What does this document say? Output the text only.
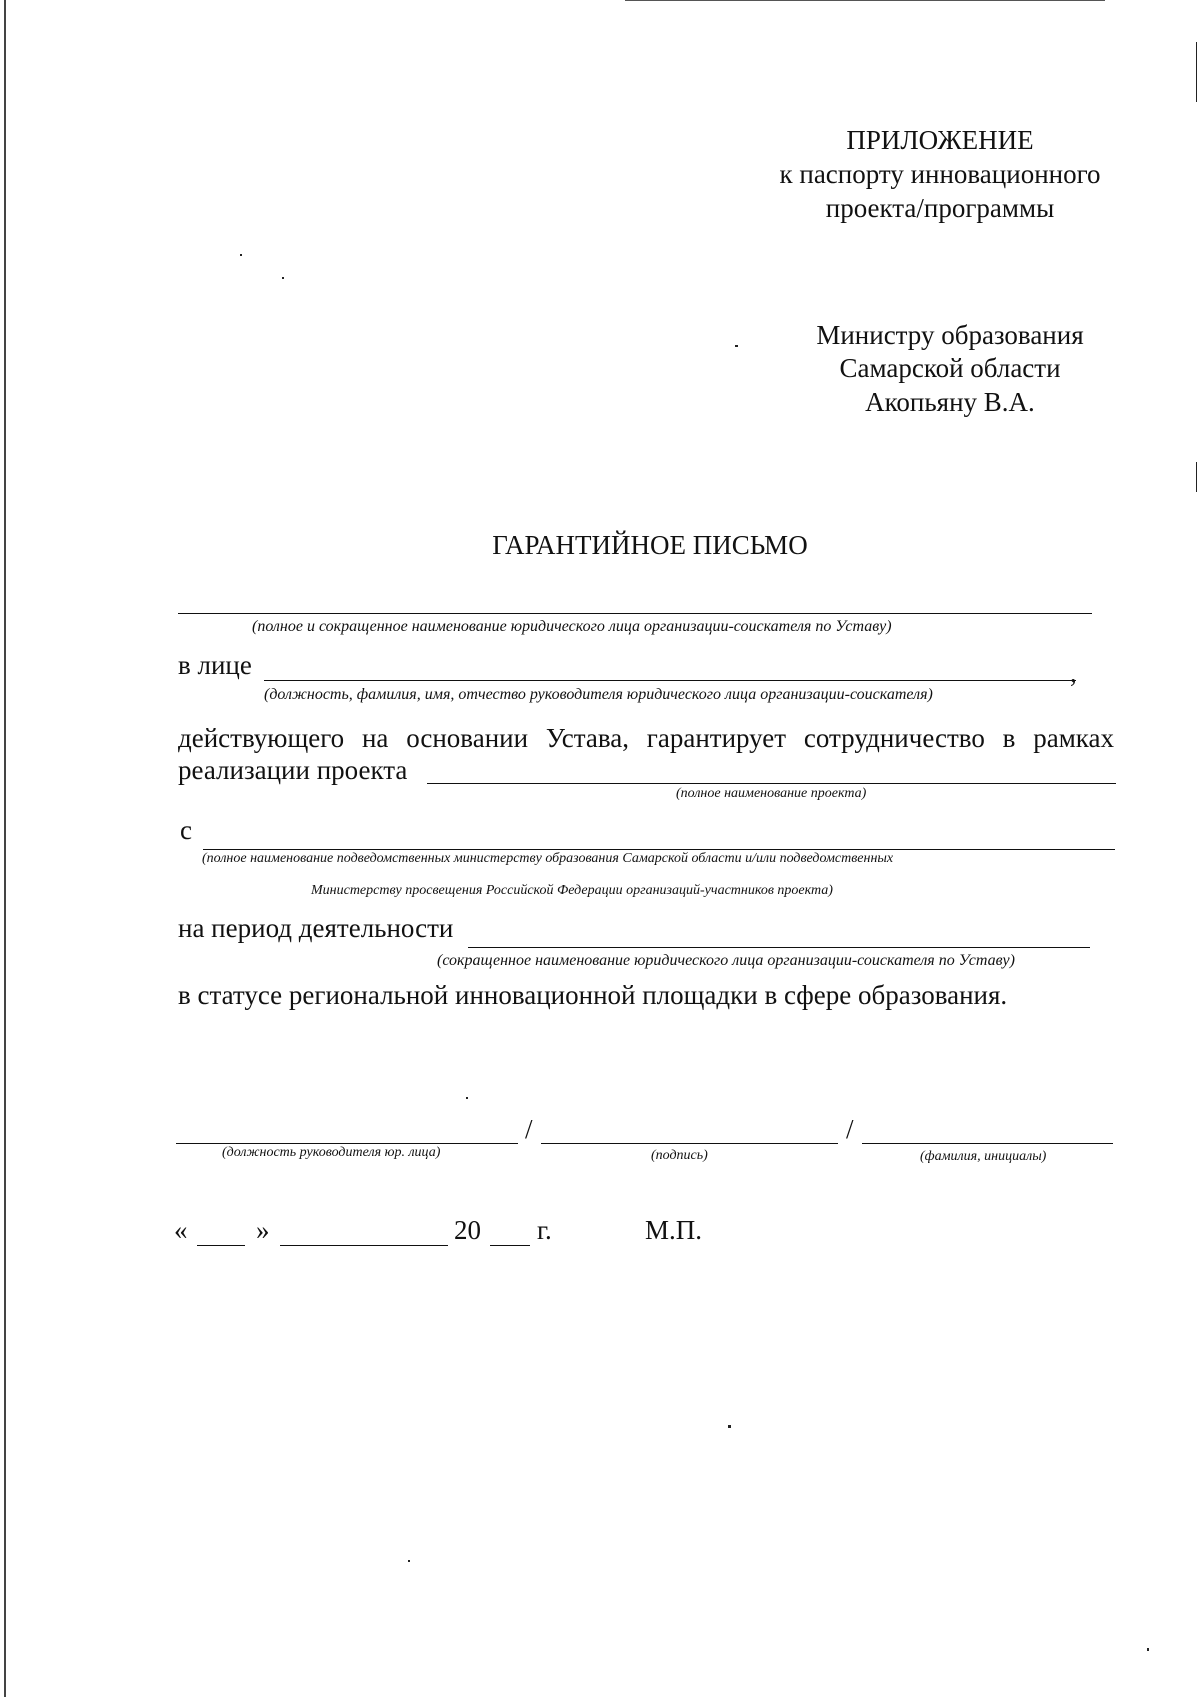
ПРИЛОЖЕНИЕ
к паспорту инновационного
проекта/программы
Министру образования
Самарской области
Акопьяну В.А.
ГАРАНТИЙНОЕ ПИСЬМО
(полное и сокращенное наименование юридического лица организации-соискателя по Уставу)
в лице	,
(должность, фамилия, имя, отчество руководителя юридического лица организации-соискателя)
действующего на основании Устава, гарантирует сотрудничество в рамках
реализации проекта
(полное наименование проекта)
с
(полное наименование подведомственных министерству образования Самарской области и/или подведомственных
Министерству просвещения Российской Федерации организаций-участников проекта)
на период деятельности
(сокращенное наименование юридического лица организации-соискателя по Уставу)
в статусе региональной инновационной площадки в сфере образования.
/	/
(должность руководителя юр. лица)	(подпись)	(фамилия, инициалы)
«	»	20 г.	М.П.
